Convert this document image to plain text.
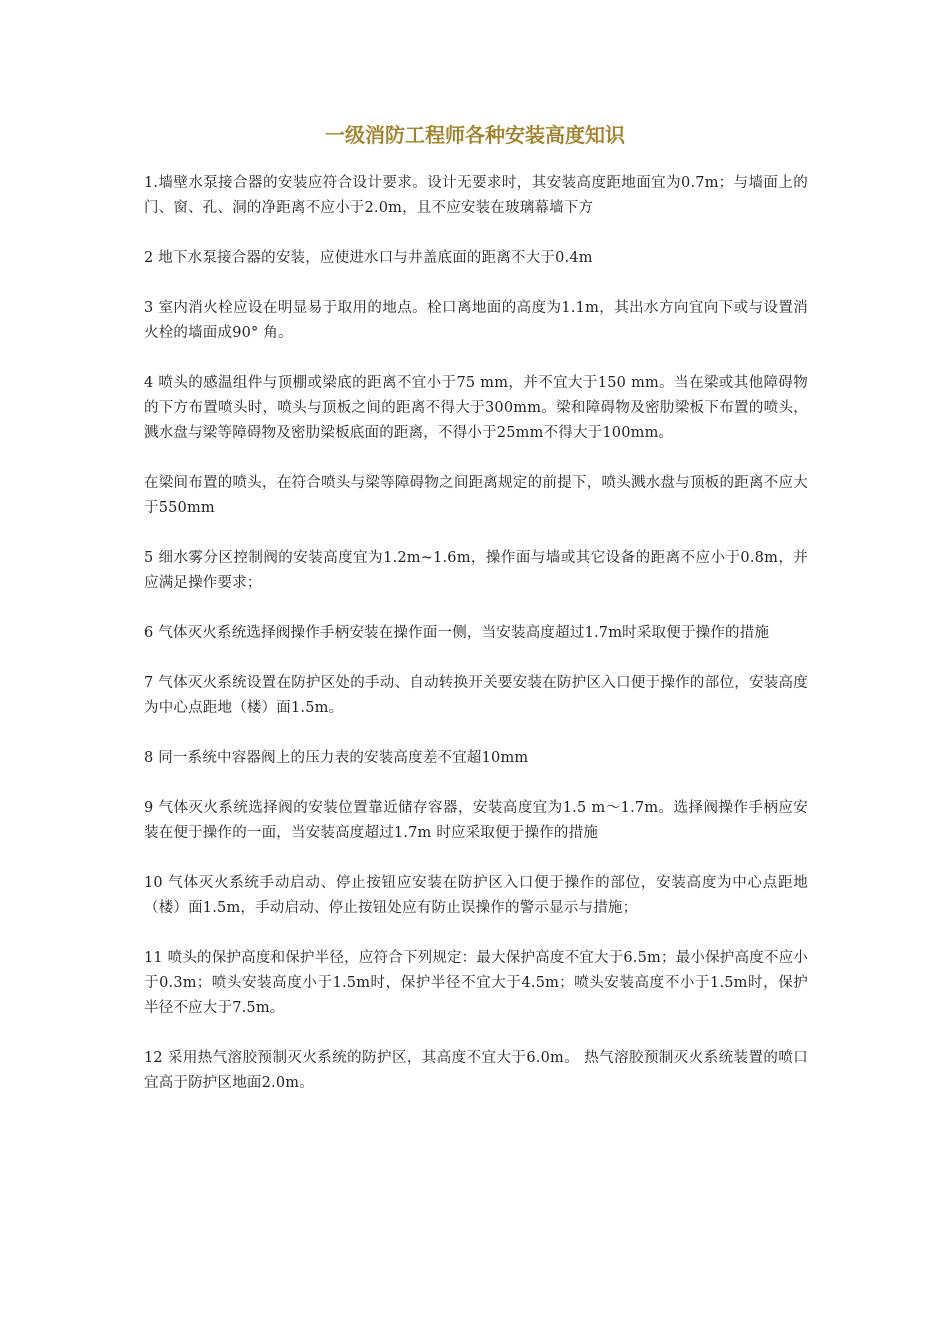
一级消防工程师各种安装高度知识

1.墙壁水泵接合器的安装应符合设计要求。设计无要求时，其安装高度距地面宜为0.7m；与墙面上的门、窗、孔、洞的净距离不应小于2.0m，且不应安装在玻璃幕墙下方

2 地下水泵接合器的安装，应使进水口与井盖底面的距离不大于0.4m

3 室内消火栓应设在明显易于取用的地点。栓口离地面的高度为1.1m，其出水方向宜向下或与设置消火栓的墙面成90° 角。

4 喷头的感温组件与顶棚或梁底的距离不宜小于75 mm，并不宜大于150 mm。当在梁或其他障碍物的下方布置喷头时，喷头与顶板之间的距离不得大于300mm。梁和障碍物及密肋梁板下布置的喷头，溅水盘与梁等障碍物及密肋梁板底面的距离，不得小于25mm不得大于100mm。

在梁间布置的喷头，在符合喷头与梁等障碍物之间距离规定的前提下，喷头溅水盘与顶板的距离不应大于550mm

5 细水雾分区控制阀的安装高度宜为1.2m~1.6m，操作面与墙或其它设备的距离不应小于0.8m，并应满足操作要求；

6 气体灭火系统选择阀操作手柄安装在操作面一侧，当安装高度超过1.7m时采取便于操作的措施

7 气体灭火系统设置在防护区处的手动、自动转换开关要安装在防护区入口便于操作的部位，安装高度为中心点距地（楼）面1.5m。

8 同一系统中容器阀上的压力表的安装高度差不宜超10mm

9 气体灭火系统选择阀的安装位置靠近储存容器，安装高度宜为1.5 m～1.7m。选择阀操作手柄应安装在便于操作的一面，当安装高度超过1.7m 时应采取便于操作的措施

10 气体灭火系统手动启动、停止按钮应安装在防护区入口便于操作的部位，安装高度为中心点距地（楼）面1.5m，手动启动、停止按钮处应有防止误操作的警示显示与措施；

11 喷头的保护高度和保护半径，应符合下列规定：最大保护高度不宜大于6.5m；最小保护高度不应小于0.3m；喷头安装高度小于1.5m时，保护半径不宜大于4.5m；喷头安装高度不小于1.5m时，保护半径不应大于7.5m。

12 采用热气溶胶预制灭火系统的防护区，其高度不宜大于6.0m。 热气溶胶预制灭火系统装置的喷口宜高于防护区地面2.0m。
